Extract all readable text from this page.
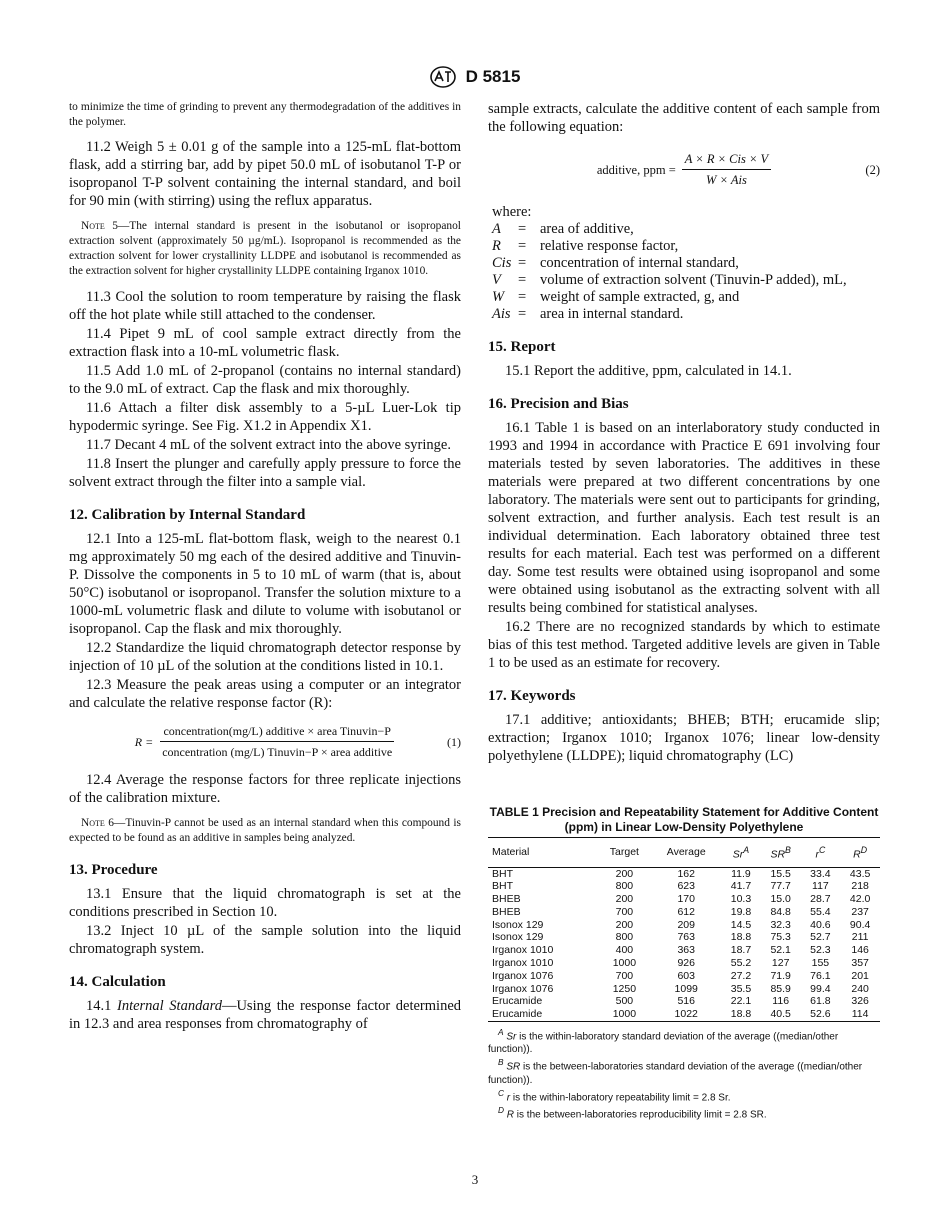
D 5815

to minimize the time of grinding to prevent any thermodegradation of the additives in the polymer.

11.2 Weigh 5 ± 0.01 g of the sample into a 125-mL flat-bottom flask, add a stirring bar, add by pipet 50.0 mL of isobutanol T-P or isopropanol T-P solvent containing the internal standard, and boil for 90 min (with stirring) using the reflux apparatus.

Note 5—The internal standard is present in the isobutanol or isopropanol extraction solvent (approximately 50 µg/mL). Isopropanol is recommended as the extraction solvent for lower crystallinity LLDPE and isobutanol is recommended as the extraction solvent for higher crystallinity LLDPE containing Irganox 1010.

11.3 Cool the solution to room temperature by raising the flask off the hot plate while still attached to the condenser.

11.4 Pipet 9 mL of cool sample extract directly from the extraction flask into a 10-mL volumetric flask.

11.5 Add 1.0 mL of 2-propanol (contains no internal standard) to the 9.0 mL of extract. Cap the flask and mix thoroughly.

11.6 Attach a filter disk assembly to a 5-µL Luer-Lok tip hypodermic syringe. See Fig. X1.2 in Appendix X1.

11.7 Decant 4 mL of the solvent extract into the above syringe.

11.8 Insert the plunger and carefully apply pressure to force the solvent extract through the filter into a sample vial.

12. Calibration by Internal Standard

12.1 Into a 125-mL flat-bottom flask, weigh to the nearest 0.1 mg approximately 50 mg each of the desired additive and Tinuvin-P. Dissolve the components in 5 to 10 mL of warm (that is, about 50°C) isobutanol or isopropanol. Transfer the solution mixture to a 1000-mL volumetric flask and dilute to volume with isobutanol or isopropanol. Cap the flask and mix thoroughly.

12.2 Standardize the liquid chromatograph detector response by injection of 10 µL of the solution at the conditions listed in 10.1.

12.3 Measure the peak areas using a computer or an integrator and calculate the relative response factor (R):

$R = \frac{\text{concentration(mg/L) additive × area Tinuvin−P}}{\text{concentration (mg/L) Tinuvin−P × area additive}}$	(1)

12.4 Average the response factors for three replicate injections of the calibration mixture.

Note 6—Tinuvin-P cannot be used as an internal standard when this compound is expected to be found as an additive in samples being analyzed.

13. Procedure

13.1 Ensure that the liquid chromatograph is set at the conditions prescribed in Section 10.

13.2 Inject 10 µL of the sample solution into the liquid chromatograph system.

14. Calculation

14.1 Internal Standard—Using the response factor determined in 12.3 and area responses from chromatography of

sample extracts, calculate the additive content of each sample from the following equation:

additive, ppm = $\frac{\text{A × R × Cis × V}}{\text{W × Ais}}$	(2)
where:
A	= area of additive,
R	= relative response factor,
Cis = concentration of internal standard,
V	= volume of extraction solvent (Tinuvin-P added), mL,
W = weight of sample extracted, g, and
Ais = area in internal standard.
15. Report

15.1 Report the additive, ppm, calculated in 14.1.

16. Precision and Bias

16.1 Table 1 is based on an interlaboratory study conducted in 1993 and 1994 in accordance with Practice E 691 involving four materials tested by seven laboratories. The additives in these materials were prepared at two different concentrations by one laboratory. The materials were sent out to participants for grinding, solvent extraction, and further analysis. Each test result is an individual determination. Each laboratory obtained three test results for each material. Each test was performed on a different day. Some test results were obtained using isopropanol and some were obtained using isobutanol as the extracting solvent with all results being combined for statistical analyses.

16.2 There are no recognized standards by which to estimate bias of this test method. Targeted additive levels are given in Table 1 to be used as an estimate for recovery.

17. Keywords

17.1 additive; antioxidants; BHEB; BTH; erucamide slip; extraction; Irganox 1010; Irganox 1076; linear low-density polyethylene (LLDPE); liquid chromatography (LC)

TABLE 1 Precision and Repeatability Statement for Additive Content (ppm) in Linear Low-Density Polyethylene
Material	Target	Average	$Sr^A$	$SR^B$	$r^C$	$R^D$
BHT	200	162	11.9	15.5	33.4	43.5
BHT	800	623	41.7	77.7	117	218
BHEB	200	170	10.3	15.0	28.7	42.0
BHEB	700	612	19.8	84.8	55.4	237
Isonox 129	200	209	14.5	32.3	40.6	90.4
Isonox 129	800	763	18.8	75.3	52.7	211
Irganox 1010	400	363	18.7	52.1	52.3	146
Irganox 1010	1000	926	55.2	127	155	357
Irganox 1076	700	603	27.2	71.9	76.1	201
Irganox 1076	1250	1099	35.5	85.9	99.4	240
Erucamide	500	516	22.1	116	61.8	326
Erucamide	1000	1022	18.8	40.5	52.6	114

$^A$ Sr is the within-laboratory standard deviation of the average ((median/other function)).

$^B$ SR is the between-laboratories standard deviation of the average ((median/other function)).

$^C$ r is the within-laboratory repeatability limit = 2.8 Sr.

$^D$ R is the between-laboratories reproducibility limit = 2.8 SR.

3
